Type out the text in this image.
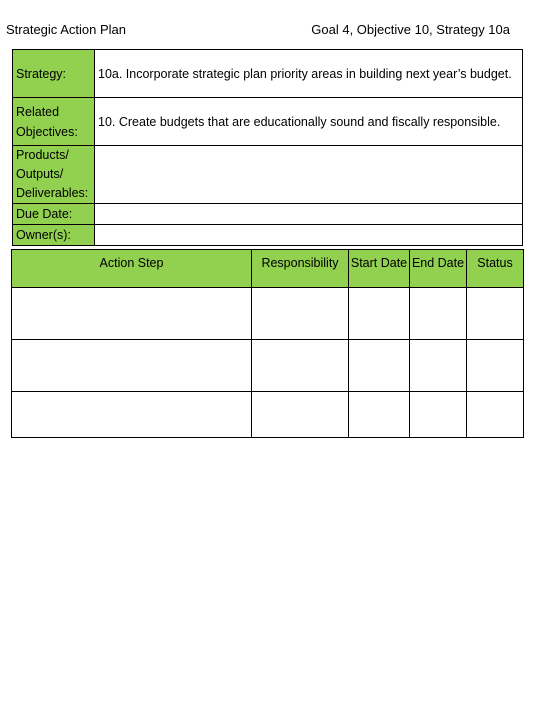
Strategic Action Plan	Goal 4, Objective 10, Strategy 10a
Strategy:	10a. Incorporate strategic plan priority areas in building next year’s budget.
Related Objectives:	10. Create budgets that are educationally sound and fiscally responsible.
Products/ Outputs/ Deliverables:	
Due Date:	
Owner(s):	
Action Step	Responsibility	Start Date	End Date	Status
